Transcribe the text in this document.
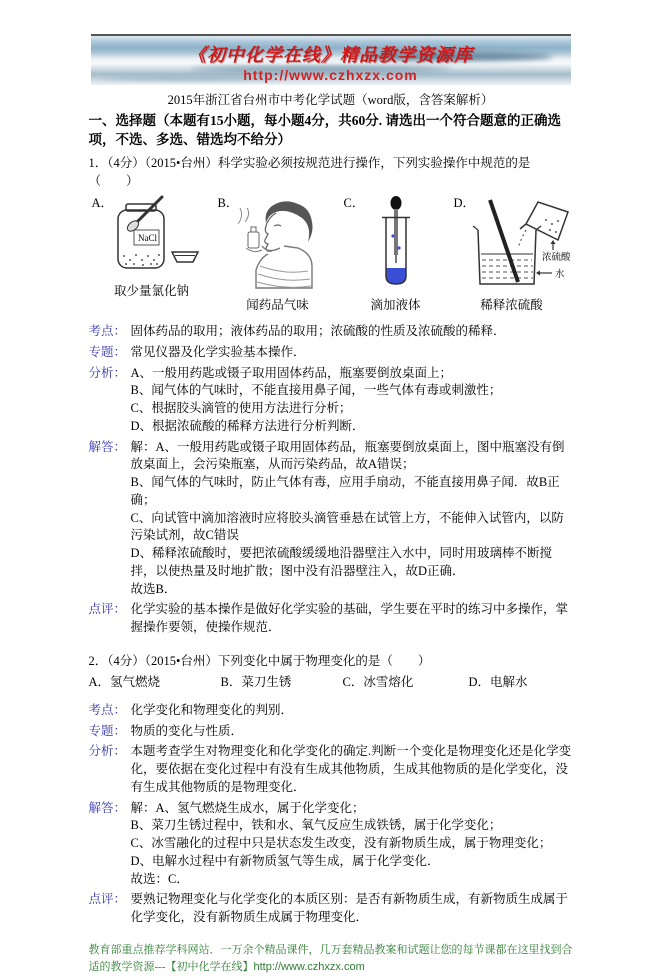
《初中化学在线》精品教学资源库
http://www.czhxzx.com
2015年浙江省台州市中考化学试题（word版，含答案解析）
一、选择题（本题有15小题，每小题4分，共60分. 请选出一个符合题意的正确选项，不选、多选、错选均不给分）
1．（4分）（2015•台州）科学实验必须按规范进行操作，下列实验操作中规范的是（　　）
A．
NaCl
取少量氯化钠
B．
闻药品气味
C．
滴加液体
D．
浓硫酸
水
稀释浓硫酸
考点： 固体药品的取用；液体药品的取用；浓硫酸的性质及浓硫酸的稀释．
专题： 常见仪器及化学实验基本操作．
分析： A、一般用药匙或镊子取用固体药品，瓶塞要倒放桌面上；
B、闻气体的气味时，不能直接用鼻子闻，一些气体有毒或刺激性；
C、根据胶头滴管的使用方法进行分析；
D、根据浓硫酸的稀释方法进行分析判断．
解答： 解：A、一般用药匙或镊子取用固体药品，瓶塞要倒放桌面上，图中瓶塞没有倒放桌面上，会污染瓶塞，从而污染药品，故A错误；
B、闻气体的气味时，防止气体有毒，应用手扇动，不能直接用鼻子闻．故B正确；
C、向试管中滴加溶液时应将胶头滴管垂悬在试管上方，不能伸入试管内，以防污染试剂，故C错误
D、稀释浓硫酸时，要把浓硫酸缓缓地沿器壁注入水中，同时用玻璃棒不断搅拌，以使热量及时地扩散；图中没有沿器壁注入，故D正确．
故选B．
点评： 化学实验的基本操作是做好化学实验的基础，学生要在平时的练习中多操作，掌握操作要领，使操作规范．
2．（4分）（2015•台州）下列变化中属于物理变化的是（　　）
A．氢气燃烧	B．菜刀生锈	C．冰雪熔化	D．电解水
考点： 化学变化和物理变化的判别．
专题： 物质的变化与性质．
分析： 本题考查学生对物理变化和化学变化的确定.判断一个变化是物理变化还是化学变化，要依据在变化过程中有没有生成其他物质，生成其他物质的是化学变化，没有生成其他物质的是物理变化．
解答： 解：A、氢气燃烧生成水，属于化学变化；
B、菜刀生锈过程中，铁和水、氧气反应生成铁锈，属于化学变化；
C、冰雪融化的过程中只是状态发生改变，没有新物质生成，属于物理变化；
D、电解水过程中有新物质氢气等生成，属于化学变化．
故选：C．
点评： 要熟记物理变化与化学变化的本质区别：是否有新物质生成，有新物质生成属于化学变化，没有新物质生成属于物理变化．
教育部重点推荐学科网站．一万余个精品课件，几万套精品教案和试题让您的每节课都在这里找到合适的教学资源---【初中化学在线】http://www.czhxzx.com
